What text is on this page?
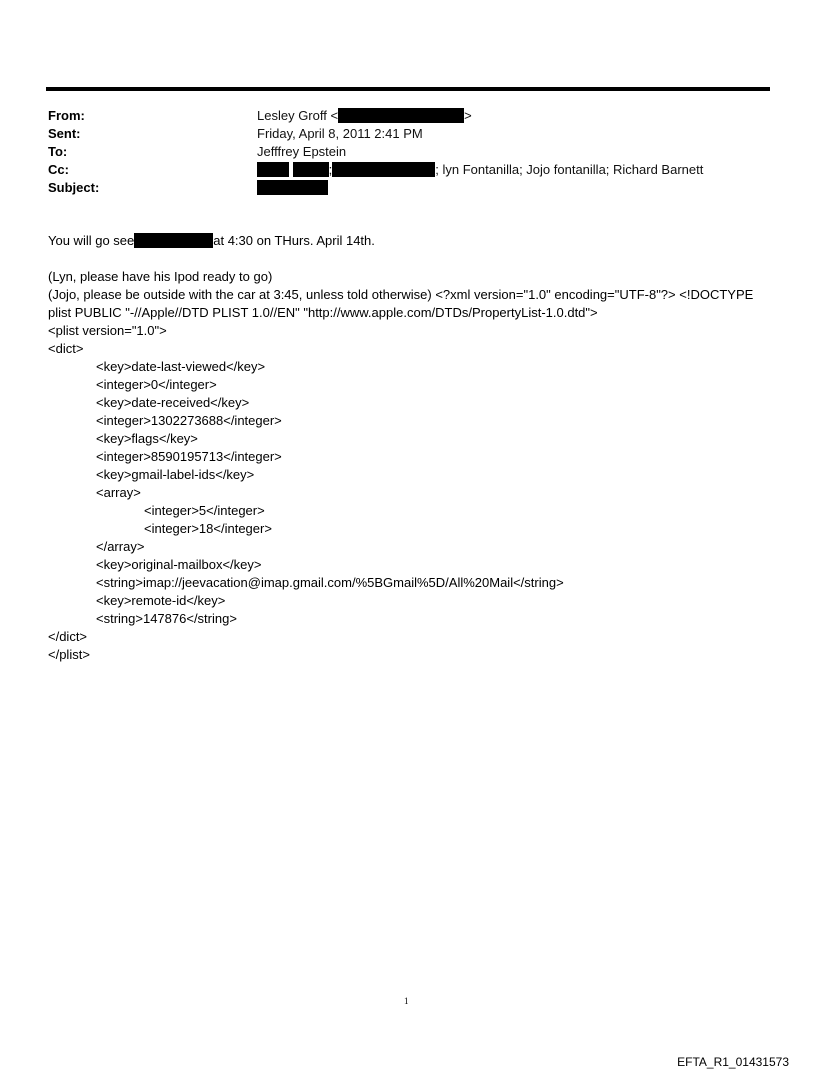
From:	Lesley Groff <	>
Sent:	Friday, April 8, 2011 2:41 PM
To:	Jefffrey Epstein
Cc:	;	; lyn Fontanilla; Jojo fontanilla; Richard Barnett
Subject:
You will go see	at 4:30 on THurs. April 14th.
(Lyn, please have his Ipod ready to go)
(Jojo, please be outside with the car at 3:45, unless told otherwise) <?xml version="1.0" encoding="UTF-8"?> <!DOCTYPE
plist PUBLIC "-//Apple//DTD PLIST 1.0//EN" "http://www.apple.com/DTDs/PropertyList-1.0.dtd">
<plist version="1.0">
<dict>
<key>date-last-viewed</key>
<integer>0</integer>
<key>date-received</key>
<integer>1302273688</integer>
<key>flags</key>
<integer>8590195713</integer>
<key>gmail-label-ids</key>
<array>
<integer>5</integer>
<integer>18</integer>
</array>
<key>original-mailbox</key>
<string>imap://jeevacation@imap.gmail.com/%5BGmail%5D/All%20Mail</string>
<key>remote-id</key>
<string>147876</string>
</dict>
</plist>
1
EFTA_R1_01431573
